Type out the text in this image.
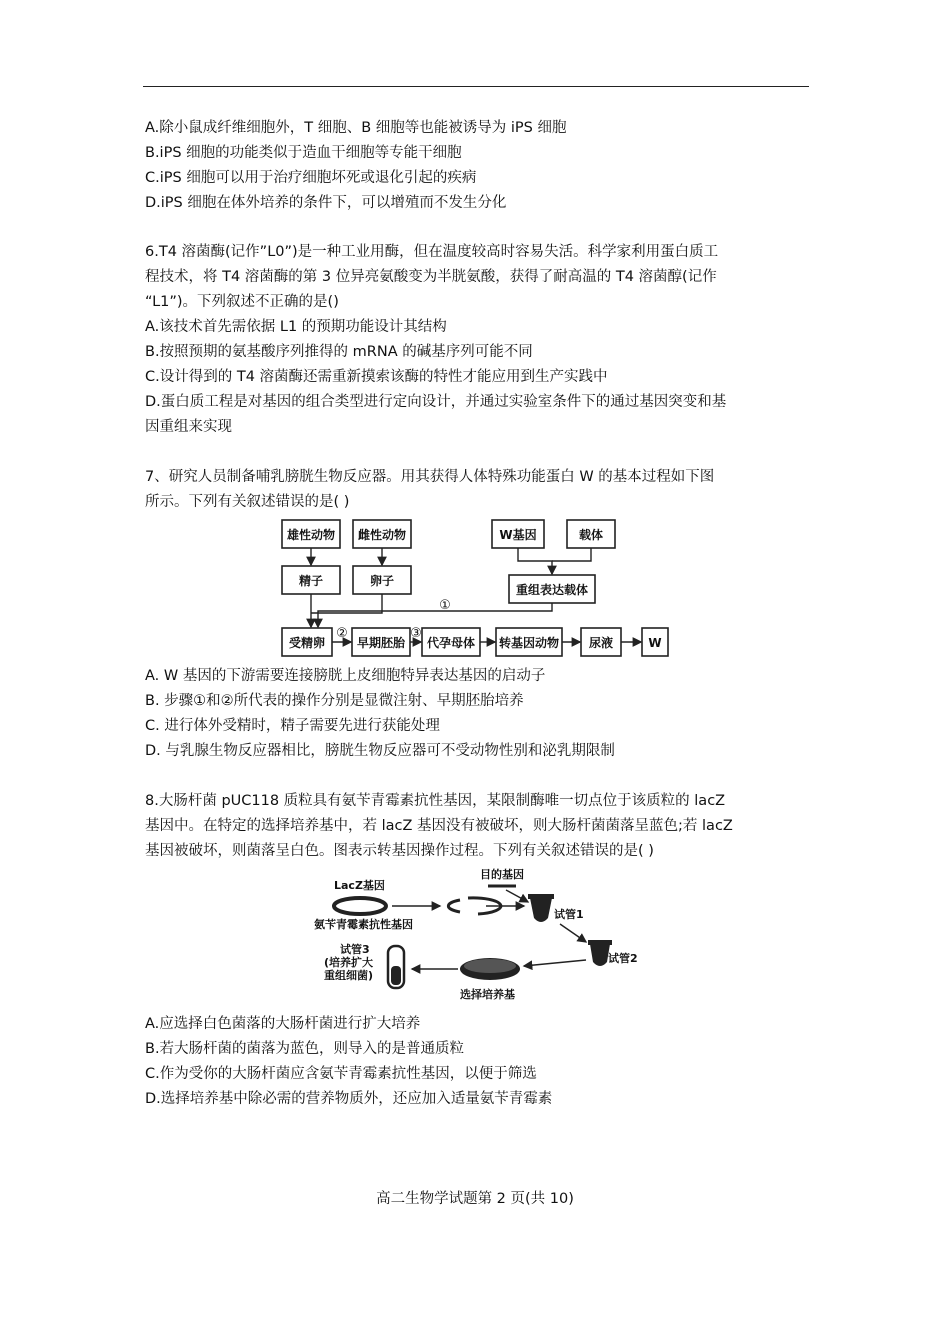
A.除小鼠成纤维细胞外，T 细胞、B 细胞等也能被诱导为 iPS 细胞
B.iPS 细胞的功能类似于造血干细胞等专能干细胞
C.iPS 细胞可以用于治疗细胞坏死或退化引起的疾病
D.iPS 细胞在体外培养的条件下，可以增殖而不发生分化
6.T4 溶菌酶(记作”L0”)是一种工业用酶，但在温度较高时容易失活。科学家利用蛋白质工
程技术，将 T4 溶菌酶的第 3 位异亮氨酸变为半胱氨酸，获得了耐高温的 T4 溶菌醇(记作
“L1”)。下列叙述不正确的是()
A.该技术首先需依据 L1 的预期功能设计其结构
B.按照预期的氨基酸序列推得的 mRNA 的碱基序列可能不同
C.设计得到的 T4 溶菌酶还需重新摸索该酶的特性才能应用到生产实践中
D.蛋白质工程是对基因的组合类型进行定向设计，并通过实验室条件下的通过基因突变和基
因重组来实现
7、研究人员制备哺乳膀胱生物反应器。用其获得人体特殊功能蛋白 W 的基本过程如下图
所示。下列有关叙述错误的是( )
雄性动物 雌性动物
精子	卵子
W基因	载体
重组表达载体
受精卵	早期胚胎 代孕母体 转基因动物 尿液	W
①
②	③
A. W 基因的下游需要连接膀胱上皮细胞特异表达基因的启动子
B. 步骤①和②所代表的操作分别是显微注射、早期胚胎培养
C. 进行体外受精时，精子需要先进行获能处理
D. 与乳腺生物反应器相比，膀胱生物反应器可不受动物性别和泌乳期限制
8.大肠杆菌 pUC118 质粒具有氨苄青霉素抗性基因，某限制酶唯一切点位于该质粒的 lacZ
基因中。在特定的选择培养基中，若 lacZ 基因没有被破坏，则大肠杆菌菌落呈蓝色;若 lacZ
基因被破坏，则菌落呈白色。图表示转基因操作过程。下列有关叙述错误的是( )
LacZ基因
氨苄青霉素抗性基因
目的基因
试管1
试管2
试管3
(培养扩大
重组细菌)
选择培养基
A.应选择白色菌落的大肠杆菌进行扩大培养
B.若大肠杆菌的菌落为蓝色，则导入的是普通质粒
C.作为受你的大肠杆菌应含氨苄青霉素抗性基因，以便于筛选
D.选择培养基中除必需的营养物质外，还应加入适量氨苄青霉素
高二生物学试题第 2 页(共 10)
